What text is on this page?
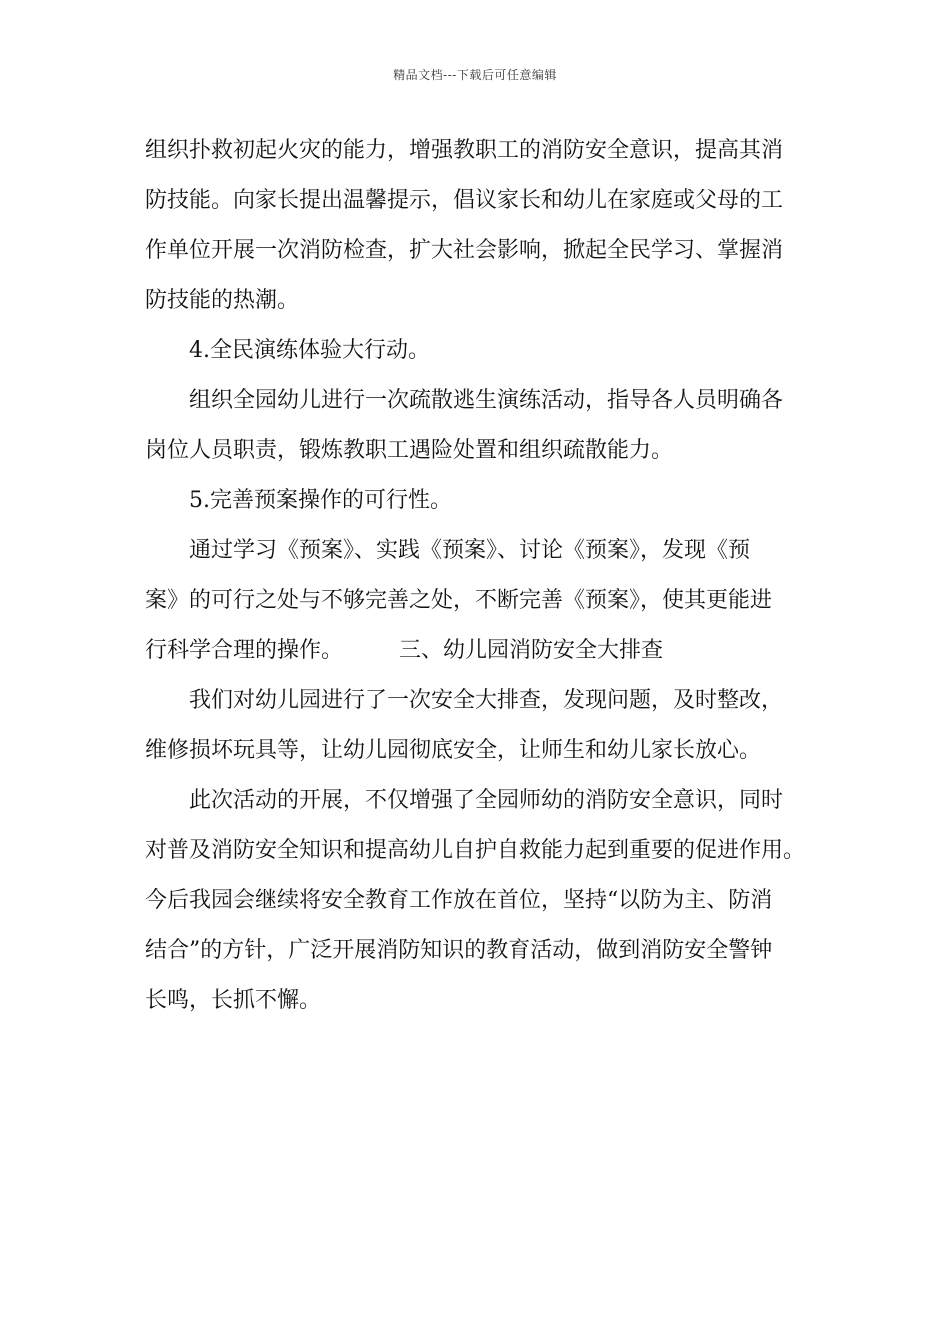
精品文档---下载后可任意编辑
组织扑救初起火灾的能力，增强教职工的消防安全意识，提高其消
防技能。向家长提出温馨提示，倡议家长和幼儿在家庭或父母的工
作单位开展一次消防检查，扩大社会影响，掀起全民学习、掌握消
防技能的热潮。
4.全民演练体验大行动。
组织全园幼儿进行一次疏散逃生演练活动，指导各人员明确各
岗位人员职责，锻炼教职工遇险处置和组织疏散能力。
5.完善预案操作的可行性。
通过学习《预案》、实践《预案》、讨论《预案》，发现《预
案》的可行之处与不够完善之处，不断完善《预案》，使其更能进
行科学合理的操作。	三、幼儿园消防安全大排查
我们对幼儿园进行了一次安全大排查，发现问题，及时整改，
维修损坏玩具等，让幼儿园彻底安全，让师生和幼儿家长放心。
此次活动的开展，不仅增强了全园师幼的消防安全意识，同时
对普及消防安全知识和提高幼儿自护自救能力起到重要的促进作用。
今后我园会继续将安全教育工作放在首位，坚持“以防为主、防消
结合”的方针，广泛开展消防知识的教育活动，做到消防安全警钟
长鸣，长抓不懈。
